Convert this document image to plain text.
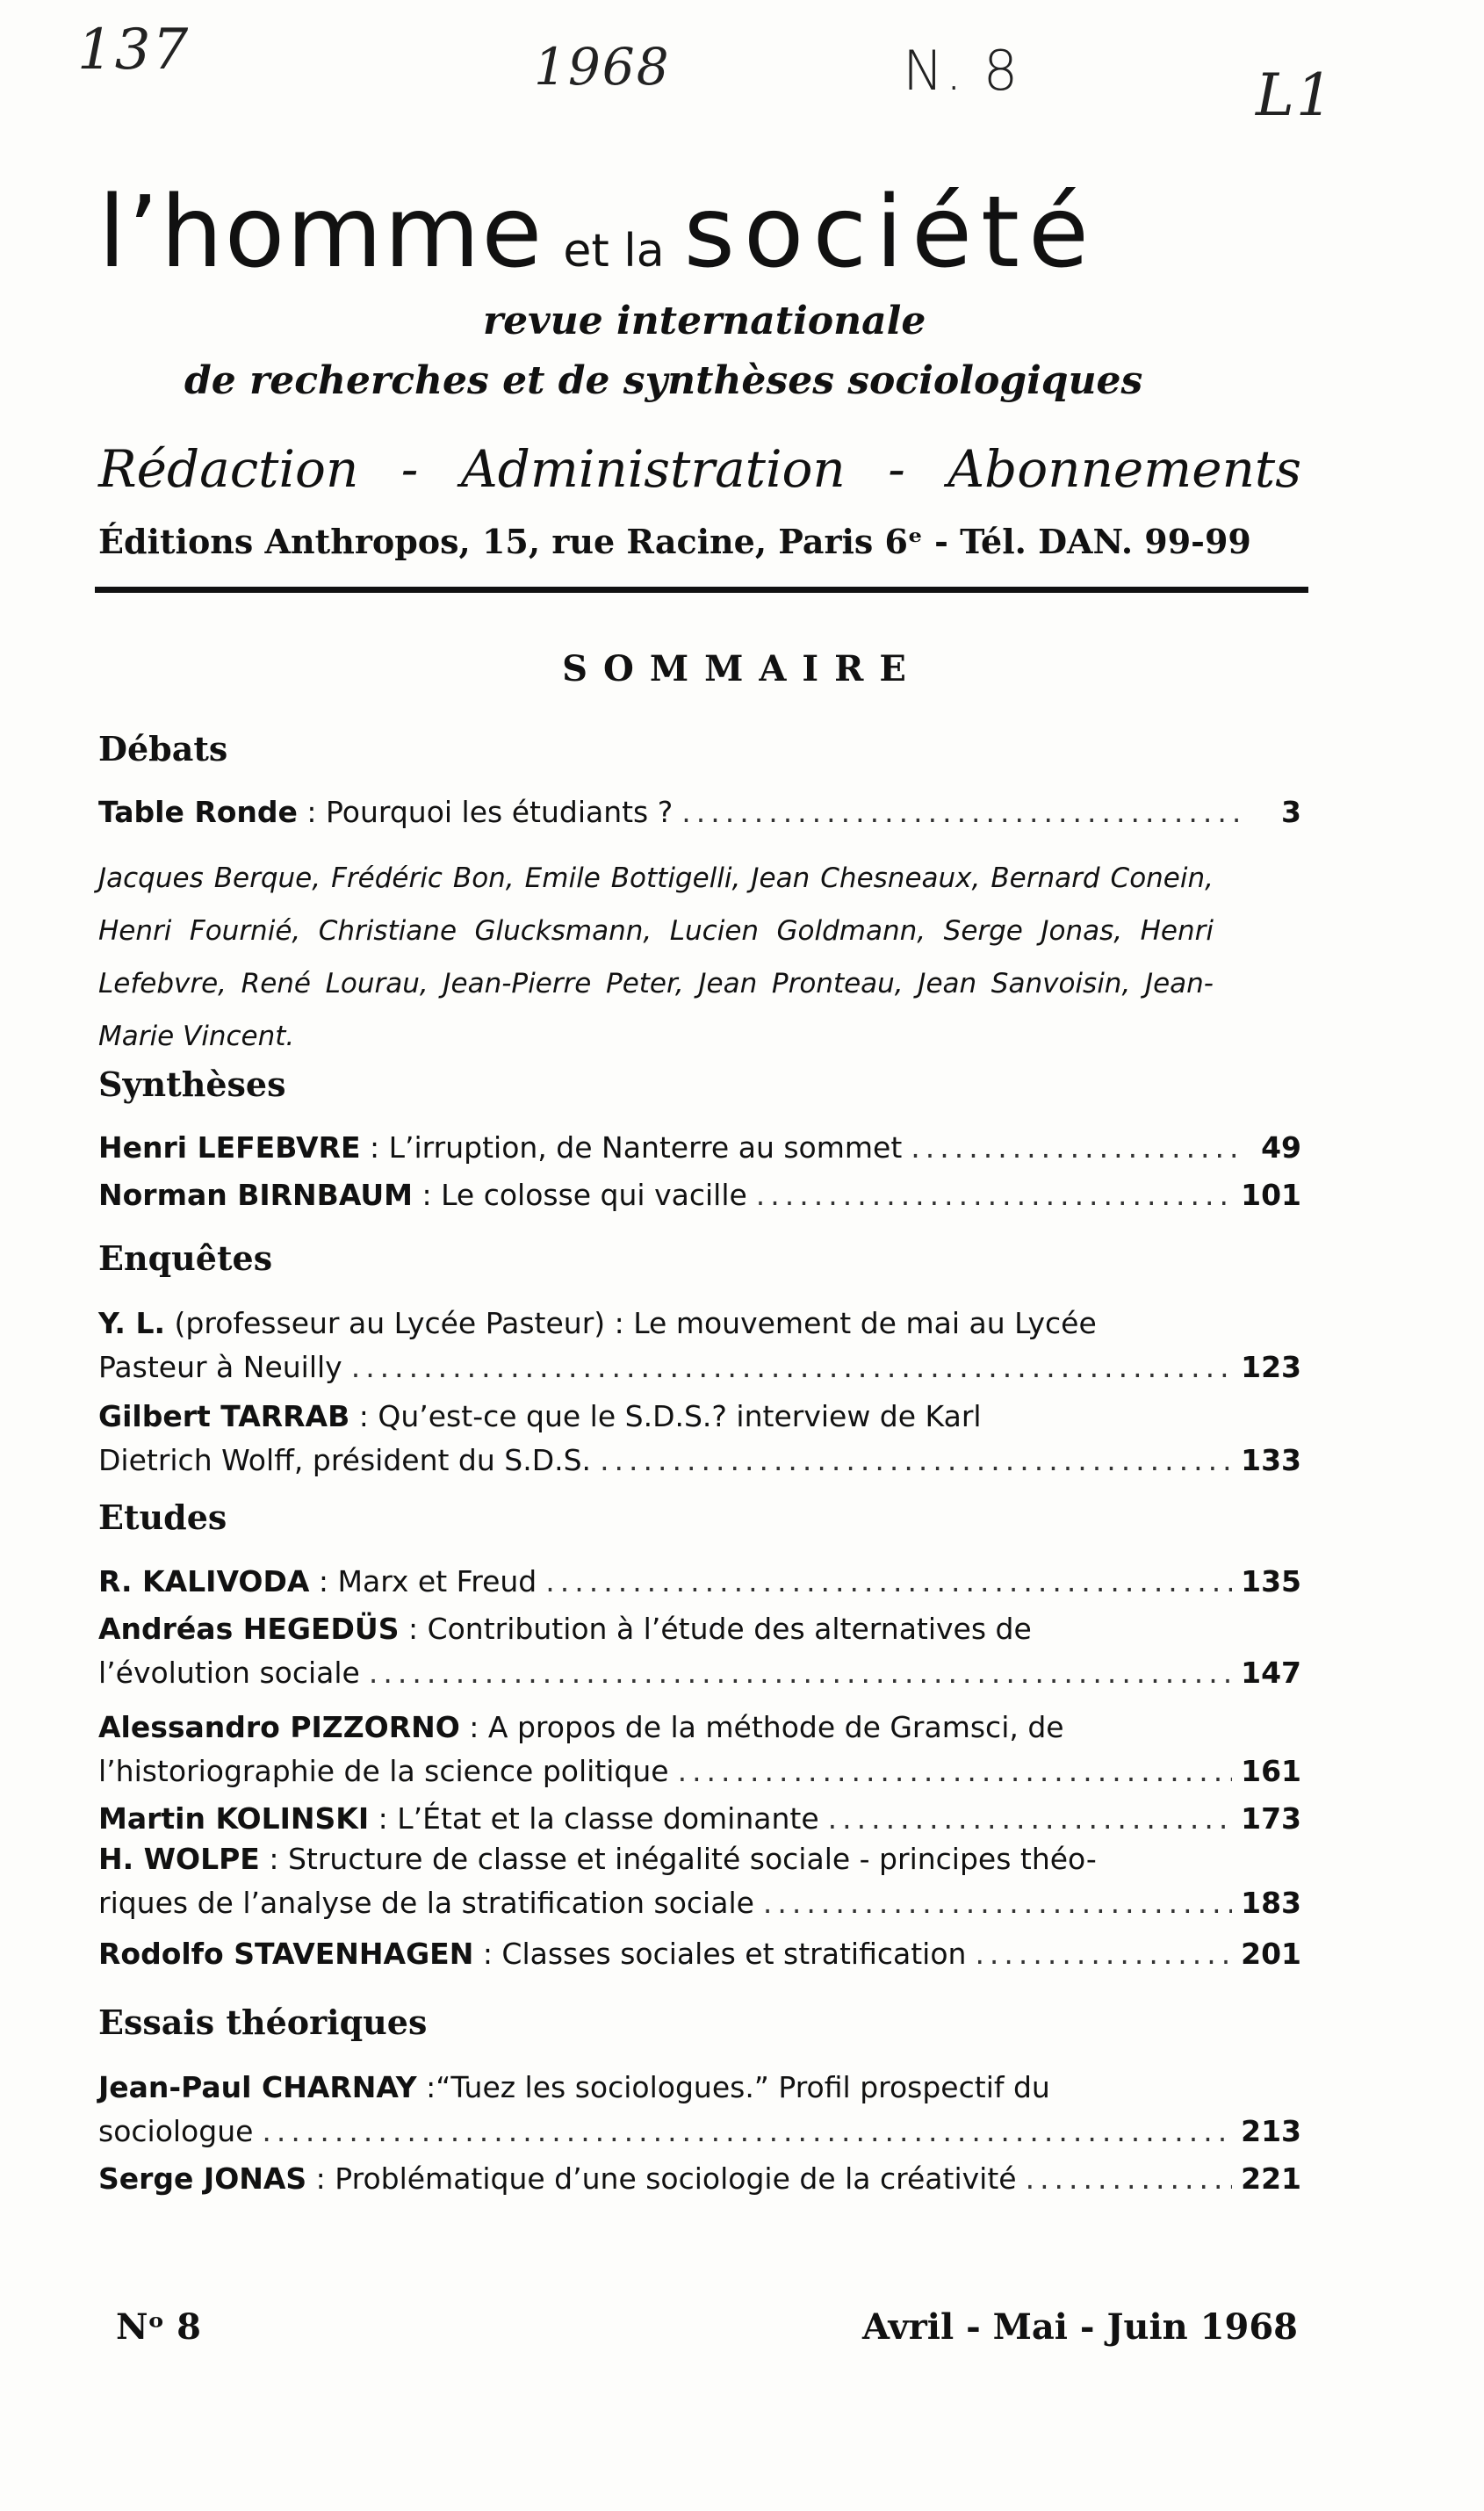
137	1968	N. 8	L1
l’homme et la société
revue internationale
de recherches et de synthèses sociologiques
Rédaction - Administration - Abonnements
Éditions Anthropos, 15, rue Racine, Paris 6ᵉ - Tél. DAN. 99-99
SOMMAIRE
Débats
Table Ronde
: Pourquoi les étudiants ? .....	3
Jacques Berque, Frédéric Bon, Emile Bottigelli, Jean Chesneaux, Bernard Conein, Henri Fournié, Christiane Glucksmann, Lucien Goldmann, Serge Jonas, Henri Lefebvre, René Lourau, Jean-Pierre Peter, Jean Pronteau, Jean Sanvoisin, Jean-Marie Vincent.
Synthèses
Henri LEFEBVRE
: L’irruption, de Nanterre au sommet .....	49
Norman BIRNBAUM
: Le colosse qui vacille .....	101
Enquêtes
Y. L. (professeur au Lycée Pasteur) : Le mouvement de mai au Lycée
Pasteur à Neuilly .....	123
Gilbert TARRAB : Qu’est-ce que le S.D.S.? interview de Karl
Dietrich Wolff, président du S.D.S. .....	133
Etudes
R. KALIVODA
: Marx et Freud .....	135
Andréas HEGEDÜS : Contribution à l’étude des alternatives de
l’évolution sociale .....	147
Alessandro PIZZORNO : A propos de la méthode de Gramsci, de
l’historiographie de la science politique .....	161
Martin KOLINSKI
: L’État et la classe dominante .....	173
H. WOLPE : Structure de classe et inégalité sociale - principes théo-
riques de l’analyse de la stratification sociale .....	183
Rodolfo STAVENHAGEN
: Classes sociales et stratification .....	201
Essais théoriques
Jean-Paul CHARNAY :“Tuez les sociologues.” Profil prospectif du
sociologue .....	213
Serge JONAS
: Problématique d’une sociologie de la créativité .....	221
Nᵒ 8	Avril - Mai - Juin 1968
